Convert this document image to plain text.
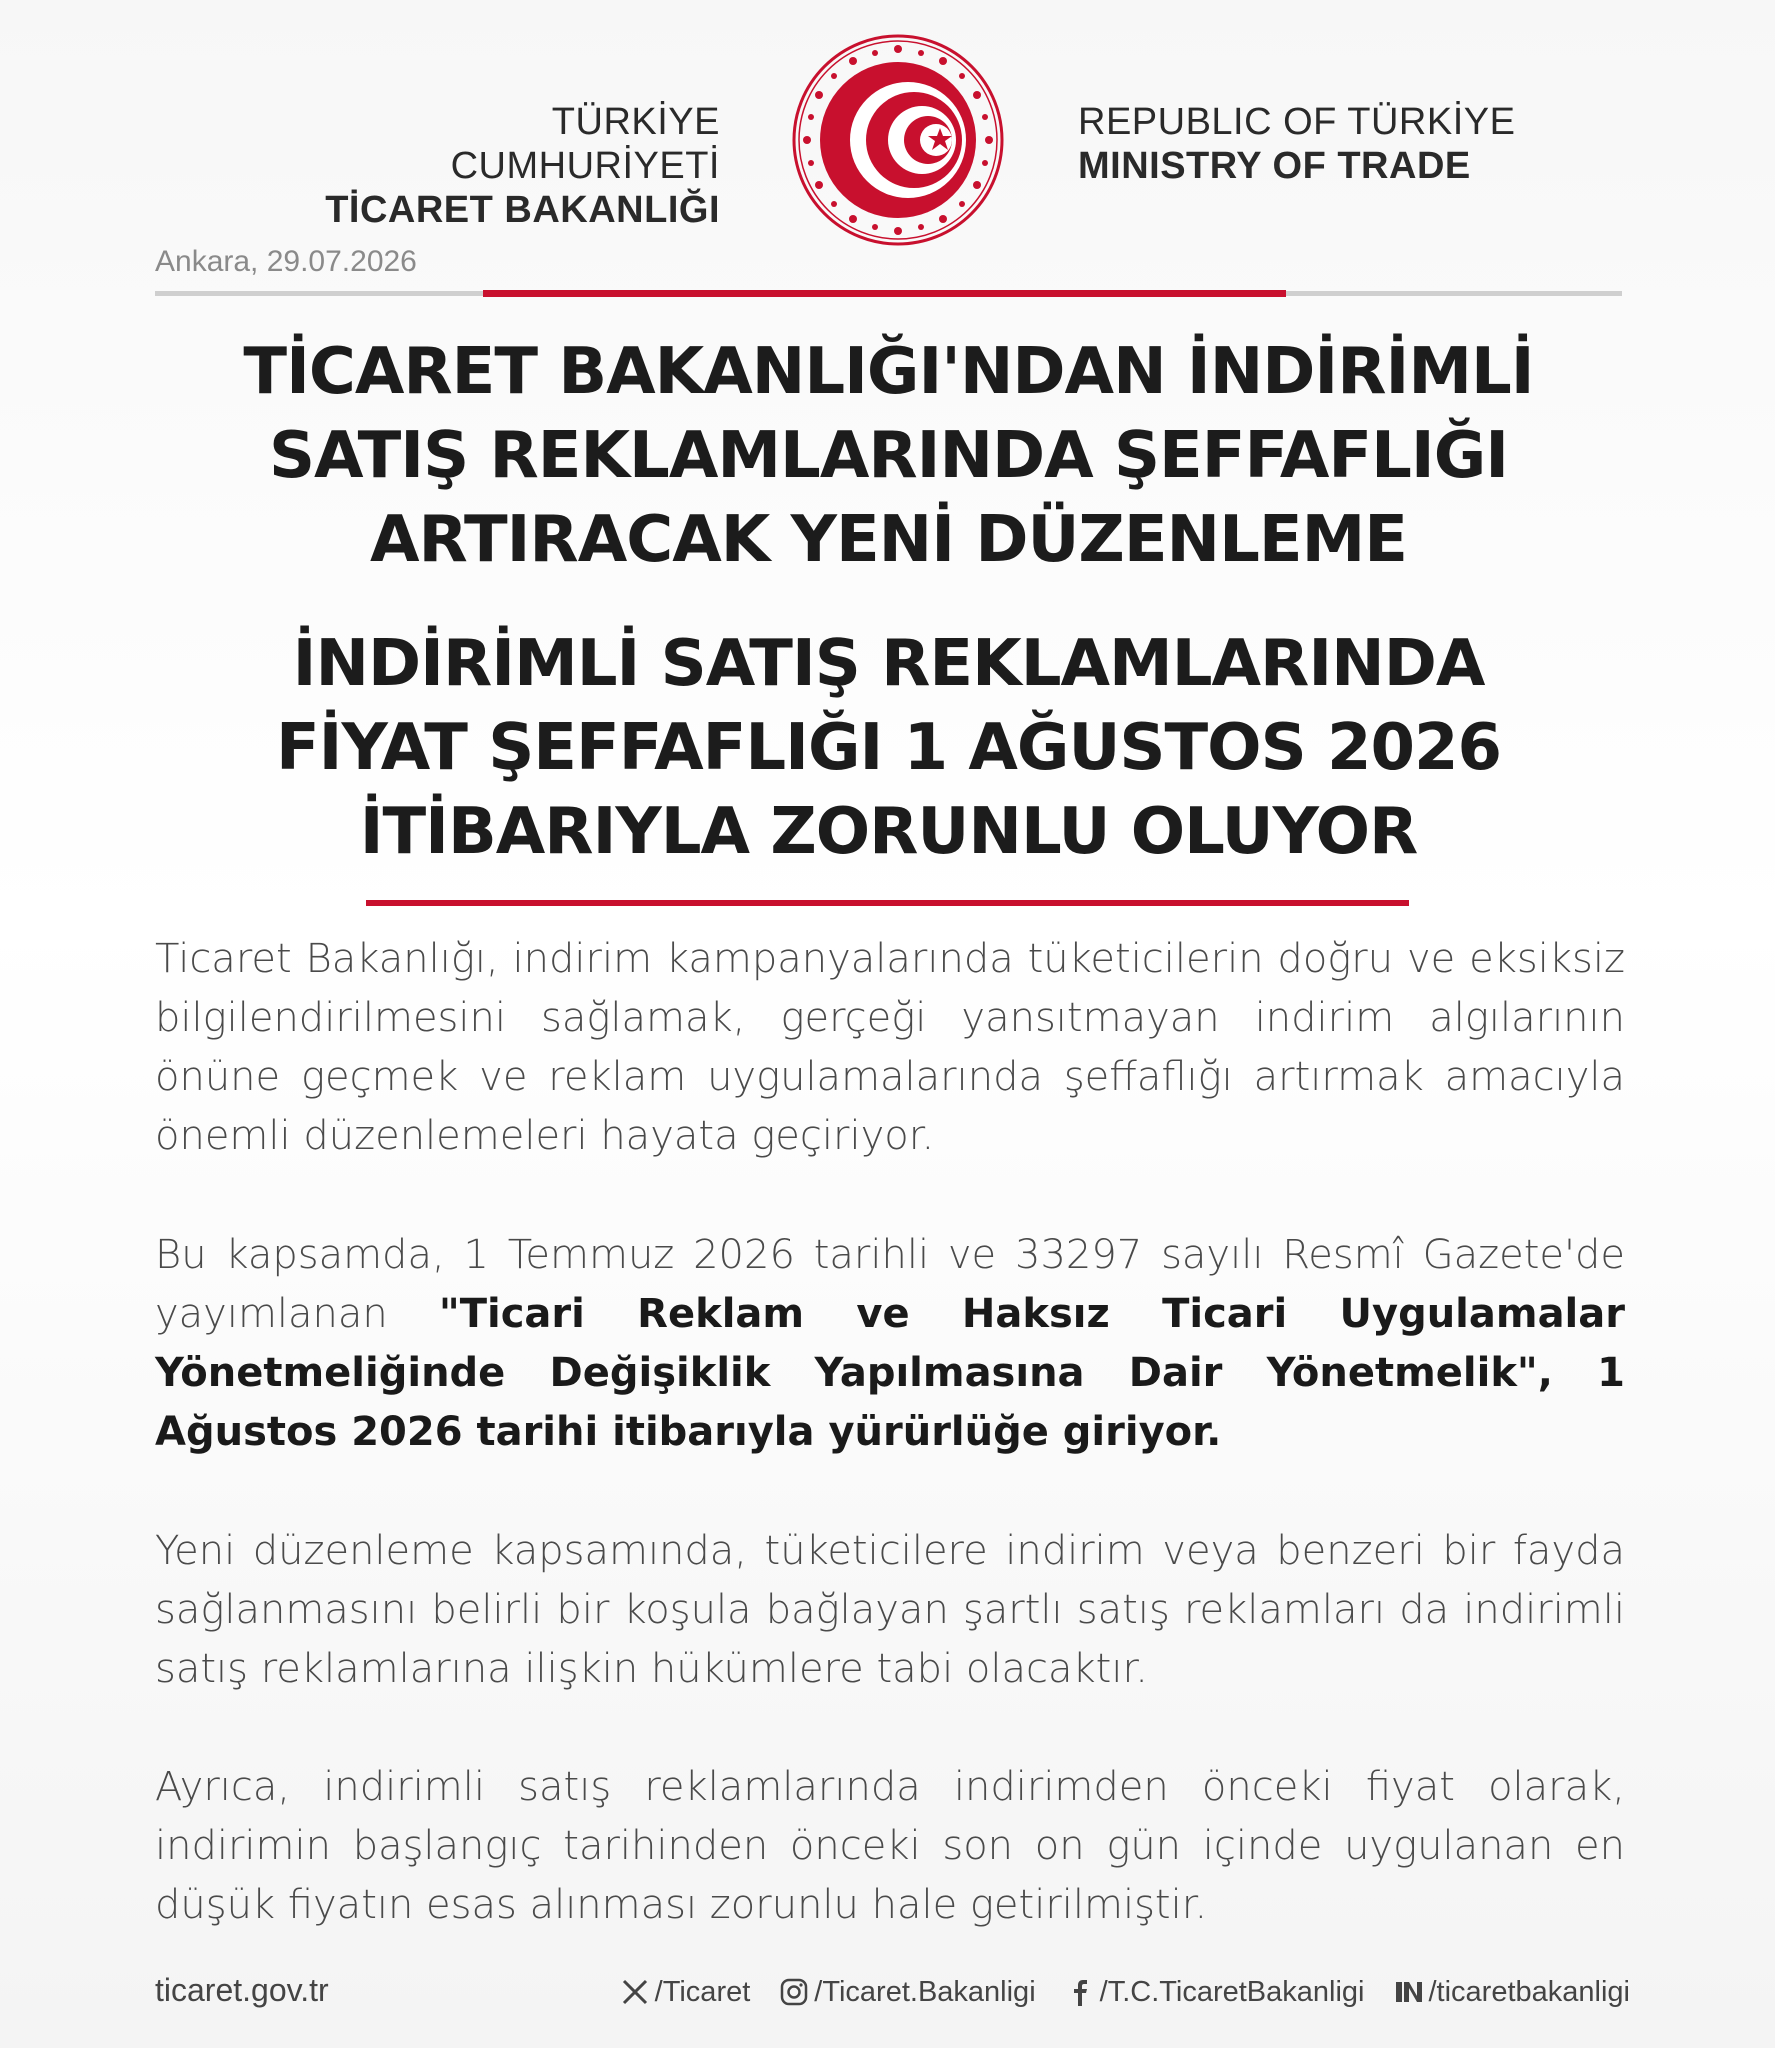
TÜRKİYE CUMHURİYETİ
TİCARET BAKANLIĞI
REPUBLIC OF TÜRKİYE
MINISTRY OF TRADE
Ankara, 29.07.2026
TİCARET BAKANLIĞI'NDAN İNDİRİMLİ
SATIŞ REKLAMLARINDA ŞEFFAFLIĞI
ARTIRACAK YENİ DÜZENLEME
İNDİRİMLİ SATIŞ REKLAMLARINDA
FİYAT ŞEFFAFLIĞI 1 AĞUSTOS 2026
İTİBARIYLA ZORUNLU OLUYOR
Ticaret Bakanlığı, indirim kampanyalarında tüketicilerin doğru ve eksiksiz bilgilendirilmesini sağlamak, gerçeği yansıtmayan indirim algılarının önüne geçmek ve reklam uygulamalarında şeffaflığı artırmak amacıyla önemli düzenlemeleri hayata geçiriyor.
Bu kapsamda, 1 Temmuz 2026 tarihli ve 33297 sayılı Resmî Gazete'de yayımlanan "Ticari Reklam ve Haksız Ticari Uygulamalar Yönetmeliğinde Değişiklik Yapılmasına Dair Yönetmelik", 1 Ağustos 2026 tarihi itibarıyla yürürlüğe giriyor.
Yeni düzenleme kapsamında, tüketicilere indirim veya benzeri bir fayda sağlanmasını belirli bir koşula bağlayan şartlı satış reklamları da indirimli satış reklamlarına ilişkin hükümlere tabi olacaktır.
Ayrıca, indirimli satış reklamlarında indirimden önceki fiyat olarak, indirimin başlangıç tarihinden önceki son on gün içinde uygulanan en düşük fiyatın esas alınması zorunlu hale getirilmiştir.
ticaret.gov.tr	/Ticaret /Ticaret.Bakanligi /T.C.TicaretBakanligi /ticaretbakanligi
